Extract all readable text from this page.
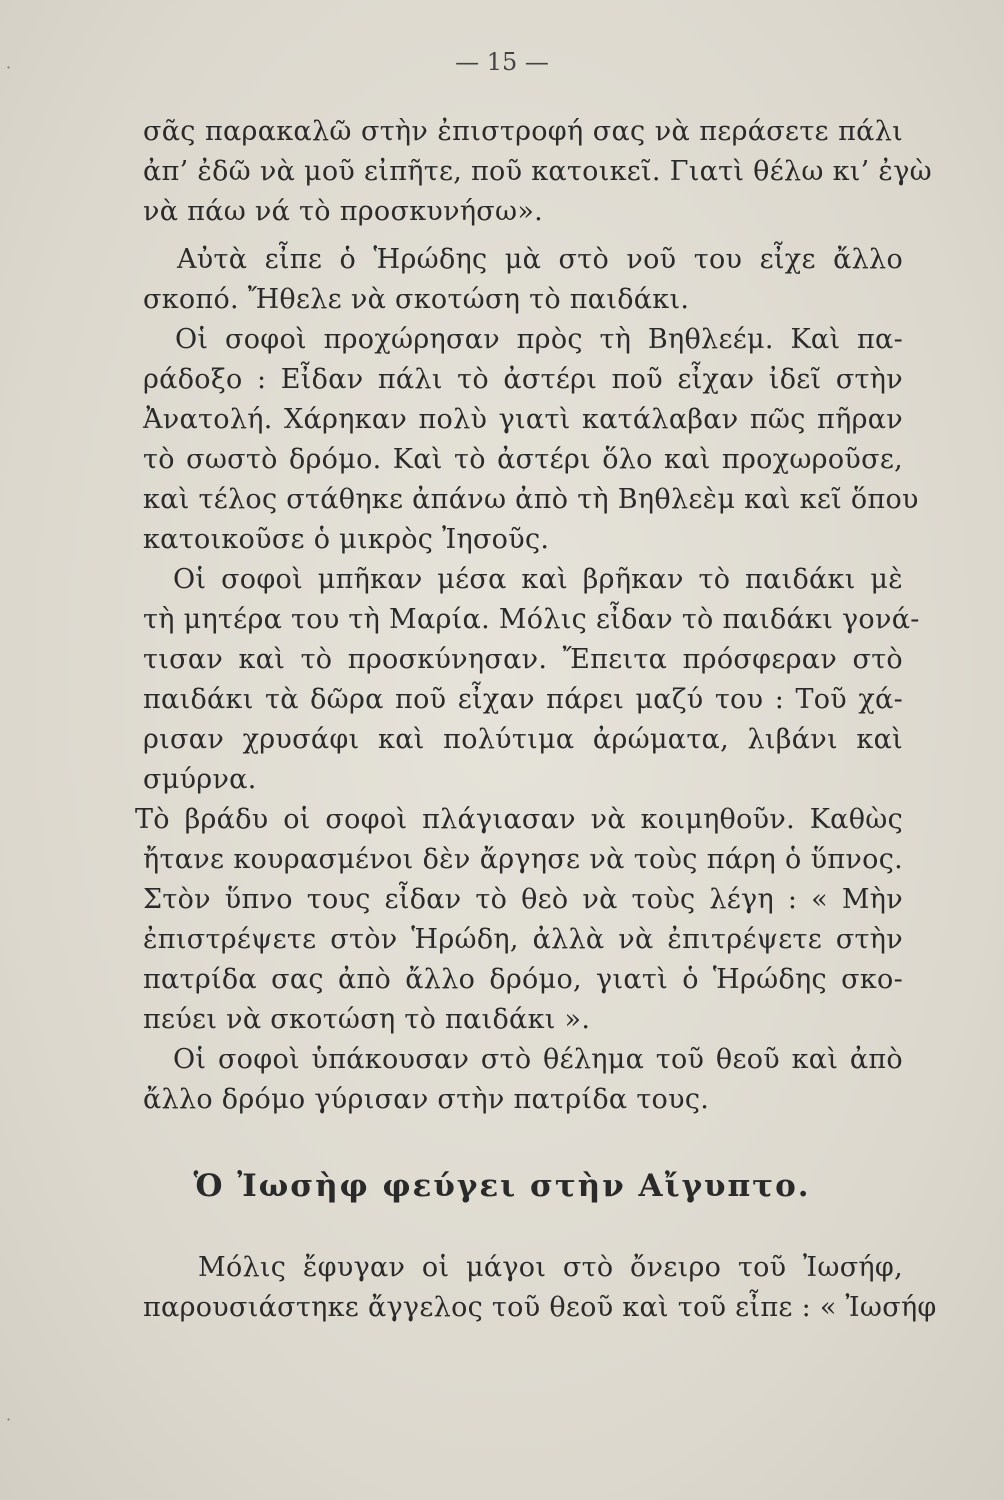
— 15 —
·
σᾶς παρακαλῶ στὴν ἐπιστροφή σας νὰ περάσετε πάλι
ἀπ’ ἐδῶ νὰ μοῦ εἰπῆτε, ποῦ κατοικεῖ. Γιατὶ θέλω κι’ ἐγὼ
νὰ πάω νά τὸ προσκυνήσω».
Αὐτὰ εἶπε ὁ Ἡρώδης μὰ στὸ νοῦ του εἶχε ἄλλο
σκοπό. Ἤθελε νὰ σκοτώση τὸ παιδάκι.
Οἱ σοφοὶ προχώρησαν πρὸς τὴ Βηθλεέμ. Καὶ πα-
ράδοξο : Εἶδαν πάλι τὸ ἀστέρι ποῦ εἶχαν ἰδεῖ στὴν
Ἀνατολή. Χάρηκαν πολὺ γιατὶ κατάλαβαν πῶς πῆραν
τὸ σωστὸ δρόμο. Καὶ τὸ ἀστέρι ὅλο καὶ προχωροῦσε,
καὶ τέλος στάθηκε ἀπάνω ἀπὸ τὴ Βηθλεὲμ καὶ κεῖ ὅπου
κατοικοῦσε ὁ μικρὸς Ἰησοῦς.
Οἱ σοφοὶ μπῆκαν μέσα καὶ βρῆκαν τὸ παιδάκι μὲ
τὴ μητέρα του τὴ Μαρία. Μόλις εἶδαν τὸ παιδάκι γονά-
τισαν καὶ τὸ προσκύνησαν. Ἔπειτα πρόσφεραν στὸ
παιδάκι τὰ δῶρα ποῦ εἶχαν πάρει μαζύ του : Τοῦ χά-
ρισαν χρυσάφι καὶ πολύτιμα ἀρώματα, λιβάνι καὶ
σμύρνα.
Τὸ βράδυ οἱ σοφοὶ πλάγιασαν νὰ κοιμηθοῦν. Καθὼς
ἤτανε κουρασμένοι δὲν ἄργησε νὰ τοὺς πάρη ὁ ὕπνος.
Στὸν ὕπνο τους εἶδαν τὸ θεὸ νὰ τοὺς λέγη : « Μὴν
ἐπιστρέψετε στὸν Ἡρώδη, ἀλλὰ νὰ ἐπιτρέψετε στὴν
πατρίδα σας ἀπὸ ἄλλο δρόμο, γιατὶ ὁ Ἡρώδης σκο-
πεύει νὰ σκοτώση τὸ παιδάκι ».
Οἱ σοφοὶ ὑπάκουσαν στὸ θέλημα τοῦ θεοῦ καὶ ἀπὸ
ἄλλο δρόμο γύρισαν στὴν πατρίδα τους.
Ὁ Ἰωσὴφ φεύγει στὴν Αἴγυπτο.
Μόλις ἔφυγαν οἱ μάγοι στὸ ὄνειρο τοῦ Ἰωσήφ,
παρουσιάστηκε ἄγγελος τοῦ θεοῦ καὶ τοῦ εἶπε : « Ἰωσήφ
·
